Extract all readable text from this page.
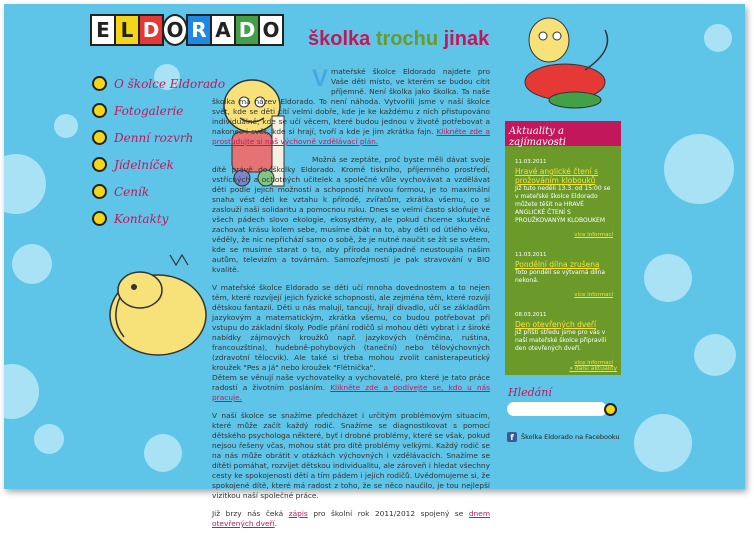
E L D O R A D O školka trochu jinak
O školce Eldorado
Fotogalerie
Denní rozvrh
Jídelníček
Ceník
Kontakty

V mateřské školce Eldorado najdete pro Vaše děti místo, ve kterém se budou cítit příjemně. Není školka jako školka. Ta naše školka má název Eldorado. To není náhoda. Vytvořili jsme v naší školce svět, kde se děti cítí velmi dobře, kde je ke každému z nich přistupováno individuálně, kde se učí věcem, které budou jednou v životě potřebovat a nakonec i svět, kde si hrají, tvoří a kde je jim zkrátka fajn. Klikněte zde a prostudujte si náš výchovně vzdělávací plán.

Možná se zeptáte, proč byste měli dávat svoje dítě právě do školky Eldorado. Kromě tiskního, příjemného prostředí, vstřícných a ochotných učitelek a společné vůle vychovávat a vzdělávat děti podle jejich možností a schopností hravou formou, je to maximální snaha vést děti ke vztahu k přírodě, zvířatům, zkrátka všemu, co si zaslouží naši solidaritu a pomocnou ruku. Dnes se velmi často skloňuje ve všech pádech slovo ekologie, ekosystémy, ale pokud chceme skutečně zachovat krásu kolem sebe, musíme dbát na to, aby děti od útlého věku, věděly, že nic nepřichází samo o sobě, že je nutné naučit se žít se světem, kde se musíme starat o to, aby příroda nenápadně neustoupila našim autům, televizím a továrnám. Samozřejmostí je pak stravování v BIO kvalitě.

V mateřské školce Eldorado se děti učí mnoha dovednostem a to nejen těm, které rozvíjejí jejich fyzické schopnosti, ale zejména těm, které rozvíjí dětskou fantazii. Děti u nás malují, tancují, hrají divadlo, učí se základům jazykovým a matematickým, zkrátka všemu, co budou potřebovat při vstupu do základní školy. Podle přání rodičů si mohou děti vybrat i z široké nabídky zájmových kroužků např. jazykových (němčina, ruština, francouzština), hudebně-pohybových (taneční) nebo tělovýchovných (zdravotní tělocvik). Ale také si třeba mohou zvolit canisterapeutický kroužek "Pes a já" nebo kroužek "Flétnička".
Dětem se věnují naše vychovatelky a vychovatelé, pro které je tato práce radostí a životním posláním. Klikněte zde a podívejte se, kdo u nás pracuje.

V naší školce se snažíme předcházet i určitým problémovým situacím, které může začít každý rodič. Snažíme se diagnostikovat s pomocí dětského psychologa některé, byť i drobné problémy, které se však, pokud nejsou řešeny včas, mohou stát pro dítě problémy velkými. Každý rodič se na nás může obrátit v otázkách výchovných i vzdělávacích. Snažíme se dítěti pomáhat, rozvíjet dětskou individualitu, ale zároveň i hledat všechny cesty ke spokojenosti dětí a tím pádem i jejich rodičů. Uvědomujeme si, že spokojené dítě, které má radost z toho, že se něco naučilo, je tou nejlepší vizitkou naší společné práce.

Již brzy nás čeká zápis pro školní rok 2011/2012 spojený se dnem otevřených dveří.

Aktuality a zajímavosti
11.03.2011
Hravé anglické čtení s prožováním klobouků
Již tuto neděli 13.3. od 15:00 se v mateřské školce Eldorado můžete těšit na HRAVÉ ANGLICKÉ ČTENÍ S PROUŽKOVANÝM KLOBOUKEM
více informací
11.03.2011
Pondělní dílna zrušena
Toto pondělí se výtvarná dílna nekoná.
více informací
08.03.2011
Den otevřených dveří
Již příští středu jsme pro vás v naší mateřské školce připravili den otevřených dveří.
více informací
» další aktuality
Hledání
f	Školka Eldorado na Facebooku
